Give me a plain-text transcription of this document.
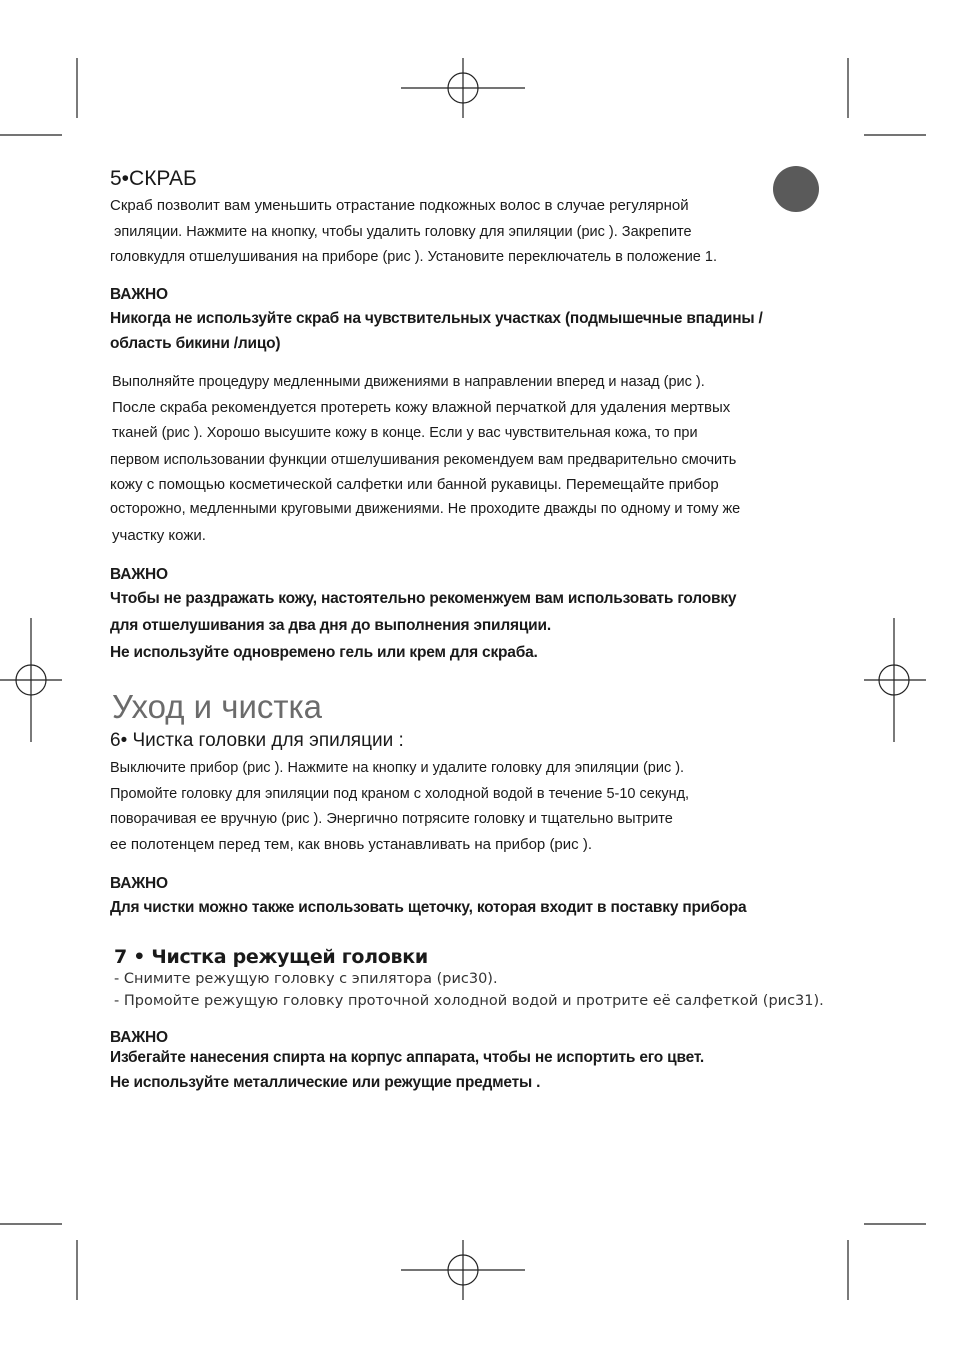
5•СКРАБ
Скраб позволит вам уменьшить отрастание подкожных волос в случае регулярной
эпиляции. Нажмите на кнопку, чтобы удалить головку для эпиляции (рис ). Закрепите
головкудля отшелушивания на приборе (рис ). Установите переключатель в положение 1.
ВАЖНО
Никогда не используйте скраб на чувствительных участках (подмышечные впадины /
область бикини /лицо)
Выполняйте процедуру медленными движениями в направлении вперед и назад (рис ).
После скраба рекомендуется протереть кожу влажной перчаткой для удаления мертвых
тканей (рис ). Хорошо высушите кожу в конце. Если у вас чувствительная кожа, то при
первом использовании функции отшелушивания рекомендуем вам предварительно смочить
кожу с помощью косметической салфетки или банной рукавицы. Перемещайте прибор
осторожно, медленными круговыми движениями. Не проходите дважды по одному и тому же
участку кожи.
ВАЖНО
Чтобы не раздражать кожу, настоятельно рекоменжуем вам использовать головку
для отшелушивания за два дня до выполнения эпиляции.
Не используйте одновремено гель или крем для скраба.
Уход и чистка
6• Чистка головки для эпиляции :
Выключите прибор (рис ). Нажмите на кнопку и удалите головку для эпиляции (рис ).
Промойте головку для эпиляции под краном с холодной водой в течение 5-10 секунд,
поворачивая ее вручную (рис ). Энергично потрясите головку и тщательно вытрите
ее полотенцем перед тем, как вновь устанавливать на прибор (рис ).
ВАЖНО
Для чистки можно также использовать щеточку, которая входит в поставку прибора
7 • Чистка режущей головки
- Снимите режущую головку с эпилятора (рис30).
- Промойте режущую головку проточной холодной водой и протрите её салфеткой (рис31).
ВАЖНО
Избегайте нанесения спирта на корпус аппарата, чтобы не испортить его цвет.
Не используйте металлические или режущие предметы .
